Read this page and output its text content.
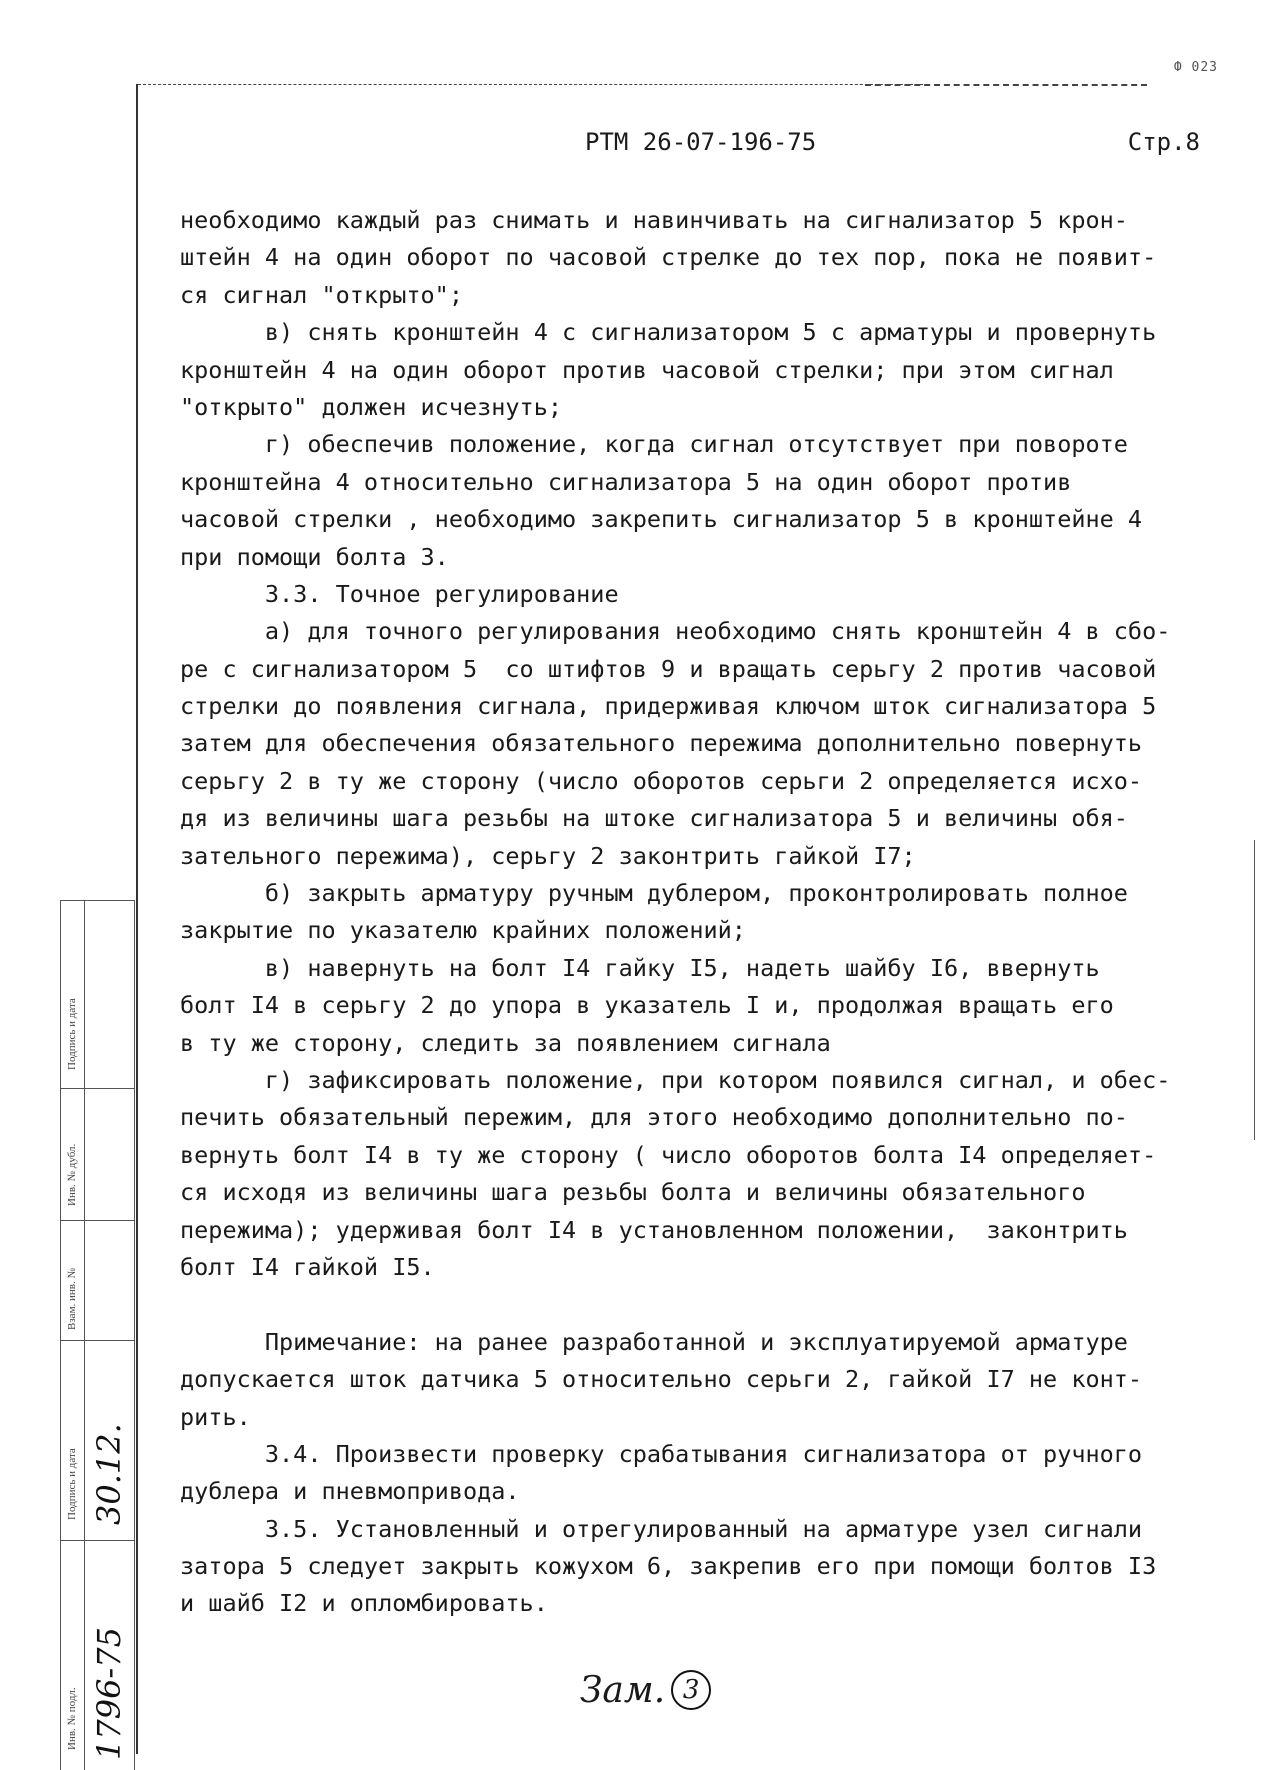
Ф 023
РТМ 26-07-196-75	Стр.8
необходимо каждый раз снимать и навинчивать на сигнализатор 5 крон-
штейн 4 на один оборот по часовой стрелке до тех пор, пока не появит-
ся сигнал "открыто";
в) снять кронштейн 4 с сигнализатором 5 с арматуры и провернуть
кронштейн 4 на один оборот против часовой стрелки; при этом сигнал
"открыто" должен исчезнуть;
г) обеспечив положение, когда сигнал отсутствует при повороте
кронштейна 4 относительно сигнализатора 5 на один оборот против
часовой стрелки , необходимо закрепить сигнализатор 5 в кронштейне 4
при помощи болта 3.
3.3. Точное регулирование
а) для точного регулирования необходимо снять кронштейн 4 в сбо-
ре с сигнализатором 5  со штифтов 9 и вращать серьгу 2 против часовой
стрелки до появления сигнала, придерживая ключом шток сигнализатора 5
затем для обеспечения обязательного пережима дополнительно повернуть
серьгу 2 в ту же сторону (число оборотов серьги 2 определяется исхо-
дя из величины шага резьбы на штоке сигнализатора 5 и величины обя-
зательного пережима), серьгу 2 законтрить гайкой I7;
б) закрыть арматуру ручным дублером, проконтролировать полное
закрытие по указателю крайних положений;
в) навернуть на болт I4 гайку I5, надеть шайбу I6, ввернуть
болт I4 в серьгу 2 до упора в указатель I и, продолжая вращать его
в ту же сторону, следить за появлением сигнала
г) зафиксировать положение, при котором появился сигнал, и обес-
печить обязательный пережим, для этого необходимо дополнительно по-
вернуть болт I4 в ту же сторону ( число оборотов болта I4 определяет-
ся исходя из величины шага резьбы болта и величины обязательного
пережима); удерживая болт I4 в установленном положении,  законтрить
болт I4 гайкой I5.
Примечание: на ранее разработанной и эксплуатируемой арматуре
допускается шток датчика 5 относительно серьги 2, гайкой I7 не конт-
рить.
3.4. Произвести проверку срабатывания сигнализатора от ручного
дублера и пневмопривода.
3.5. Установленный и отрегулированный на арматуре узел сигнали
затора 5 следует закрыть кожухом 6, закрепив его при помощи болтов I3
и шайб I2 и опломбировать.
Подпись и дата
Инв. № дубл.
Взам. инв. №
Подпись и дата
Инв. № подл.
30.12.
1796-75	Зам. 3
